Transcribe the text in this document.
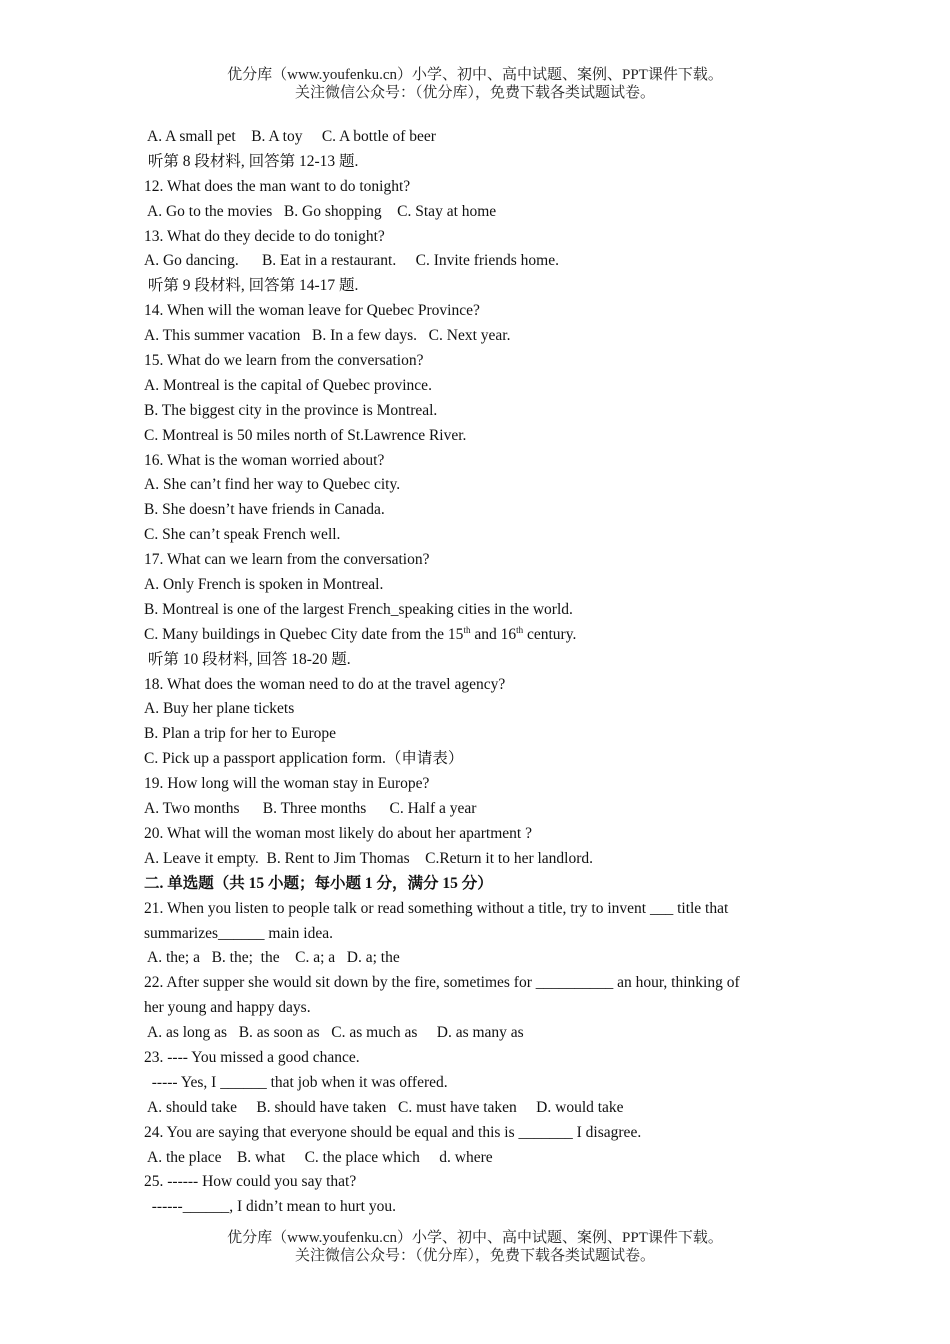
优分库（www.youfenku.cn）小学、初中、高中试题、案例、PPT课件下载。
关注微信公众号：（优分库），免费下载各类试题试卷。
A. A small pet    B. A toy     C. A bottle of beer
听第 8 段材料, 回答第 12-13 题.
12. What does the man want to do tonight?
A. Go to the movies   B. Go shopping    C. Stay at home
13. What do they decide to do tonight?
A. Go dancing.      B. Eat in a restaurant.     C. Invite friends home.
听第 9 段材料, 回答第 14-17 题.
14. When will the woman leave for Quebec Province?
A. This summer vacation   B. In a few days.   C. Next year.
15. What do we learn from the conversation?
A. Montreal is the capital of Quebec province.
B. The biggest city in the province is Montreal.
C. Montreal is 50 miles north of St.Lawrence River.
16. What is the woman worried about?
A. She can’t find her way to Quebec city.
B. She doesn’t have friends in Canada.
C. She can’t speak French well.
17. What can we learn from the conversation?
A. Only French is spoken in Montreal.
B. Montreal is one of the largest French_speaking cities in the world.
C. Many buildings in Quebec City date from the 15th and 16th century.
听第 10 段材料, 回答 18-20 题.
18. What does the woman need to do at the travel agency?
A. Buy her plane tickets
B. Plan a trip for her to Europe
C. Pick up a passport application form.（申请表）
19. How long will the woman stay in Europe?
A. Two months      B. Three months      C. Half a year
20. What will the woman most likely do about her apartment ?
A. Leave it empty.  B. Rent to Jim Thomas    C.Return it to her landlord.
二. 单选题（共 15 小题；每小题 1 分，满分 15 分）
21. When you listen to people talk or read something without a title, try to invent ___ title that
summarizes______ main idea.
A. the; a   B. the;  the    C. a; a   D. a; the
22. After supper she would sit down by the fire, sometimes for __________ an hour, thinking of
her young and happy days.
A. as long as   B. as soon as   C. as much as     D. as many as
23. ---- You missed a good chance.
----- Yes, I ______ that job when it was offered.
A. should take     B. should have taken   C. must have taken     D. would take
24. You are saying that everyone should be equal and this is _______ I disagree.
A. the place    B. what     C. the place which     d. where
25. ------ How could you say that?
------______, I didn’t mean to hurt you.
优分库（www.youfenku.cn）小学、初中、高中试题、案例、PPT课件下载。
关注微信公众号：（优分库），免费下载各类试题试卷。
